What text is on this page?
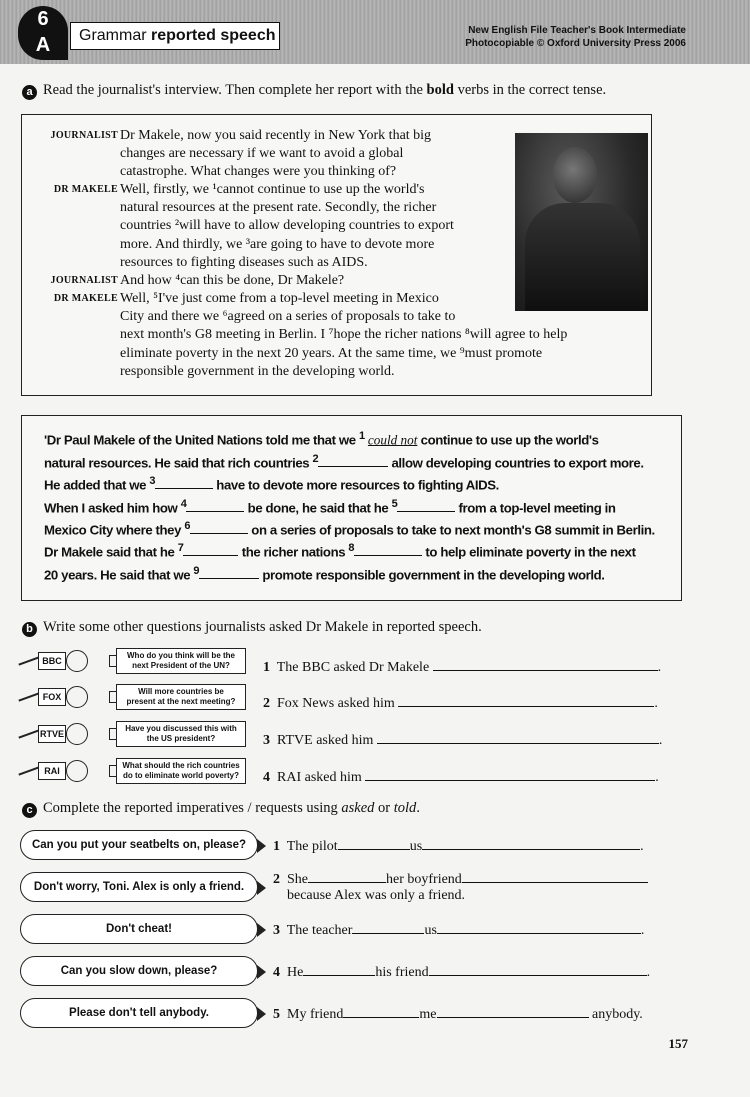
6
A	Grammar reported speech	New English File Teacher's Book Intermediate
Photocopiable © Oxford University Press 2006
a Read the journalist's interview. Then complete her report with the bold verbs in the correct tense.
JOURNALIST Dr Makele, now you said recently in New York that big
changes are necessary if we want to avoid a global
catastrophe. What changes were you thinking of?
DR MAKELE Well, firstly, we ¹cannot continue to use up the world's
natural resources at the present rate. Secondly, the richer
countries ²will have to allow developing countries to export
more. And thirdly, we ³are going to have to devote more
resources to fighting diseases such as AIDS.
JOURNALIST And how ⁴can this be done, Dr Makele?
DR MAKELE Well, ⁵I've just come from a top-level meeting in Mexico
City and there we ⁶agreed on a series of proposals to take to
next month's G8 meeting in Berlin. I ⁷hope the richer nations ⁸will agree to help
eliminate poverty in the next 20 years. At the same time, we ⁹must promote
responsible government in the developing world.
'Dr Paul Makele of the United Nations told me that we $^1$ could not continue to use up the world's
natural resources. He said that rich countries $^2$	allow developing countries to export more.
He added that we $^3$	have to devote more resources to fighting AIDS.
When I asked him how $^4$	be done, he said that he $^5$	from a top-level meeting in
Mexico City where they $^6$	on a series of proposals to take to next month's G8 summit in Berlin.
Dr Makele said that he $^7$	the richer nations $^8$	to help eliminate poverty in the next
20 years. He said that we $^9$	promote responsible government in the developing world.
b Write some other questions journalists asked Dr Makele in reported speech.
BBC
Who do you think will be the
next President of the UN?	1 The BBC asked Dr Makele	.
FOX
Will more countries be
present at the next meeting?	2 Fox News asked him	.
RTVE
Have you discussed this with
the US president?	3 RTVE asked him	.
RAI
What should the rich countries
do to eliminate world poverty?	4 RAI asked him	.
c Complete the reported imperatives / requests using asked or told.
Can you put your seatbelts on, please?	1 The pilot	us	.
Don't worry, Toni. Alex is only a friend.	2 She	her boyfriend
because Alex was only a friend.
Don't cheat!	3 The teacher	us	.
Can you slow down, please?	4 He	his friend	.
Please don't tell anybody.	5 My friend	me	anybody.
157
